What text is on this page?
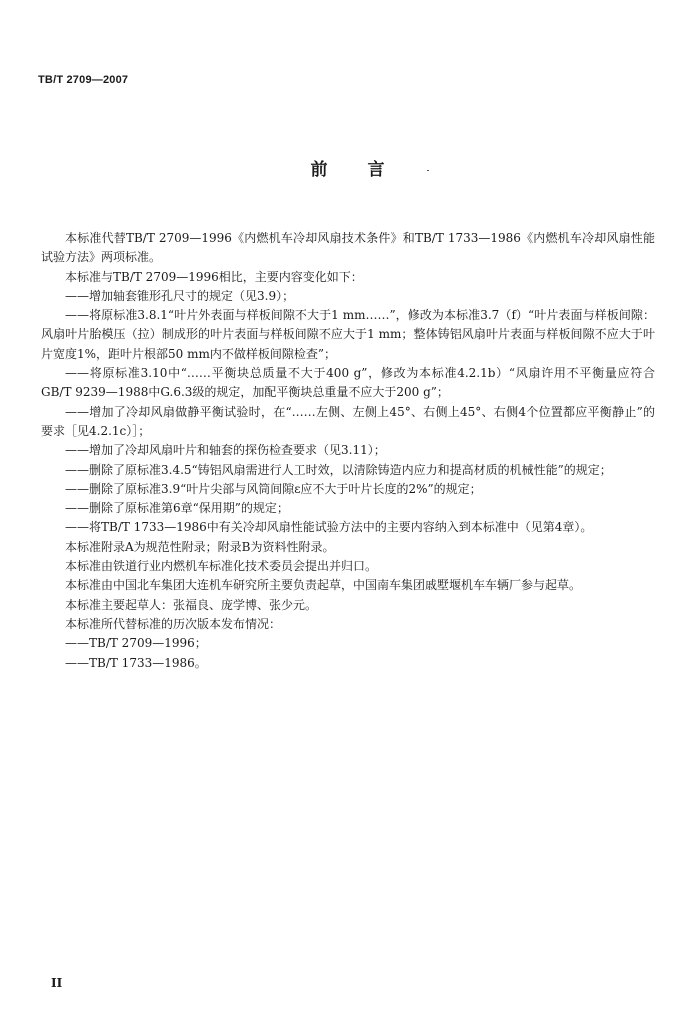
TB/T 2709—2007
前言

本标准代替TB/T 2709—1996《内燃机车冷却风扇技术条件》和TB/T 1733—1986《内燃机车冷却风扇性能试验方法》两项标准。

本标准与TB/T 2709—1996相比，主要内容变化如下：

——增加轴套锥形孔尺寸的规定（见3.9）；

——将原标准3.8.1“叶片外表面与样板间隙不大于1 mm……”，修改为本标准3.7（f）“叶片表面与样板间隙：风扇叶片胎模压（拉）制成形的叶片表面与样板间隙不应大于1 mm；整体铸铝风扇叶片表面与样板间隙不应大于叶片宽度1%，距叶片根部50 mm内不做样板间隙检查”；

——将原标准3.10中“……平衡块总质量不大于400 g”，修改为本标准4.2.1b）“风扇许用不平衡量应符合GB/T 9239—1988中G.6.3级的规定，加配平衡块总重量不应大于200 g”；

——增加了冷却风扇做静平衡试验时，在“……左侧、左侧上45°、右侧上45°、右侧4个位置都应平衡静止”的要求［见4.2.1c）］；

——增加了冷却风扇叶片和轴套的探伤检查要求（见3.11）；

——删除了原标准3.4.5“铸铝风扇需进行人工时效，以清除铸造内应力和提高材质的机械性能”的规定；

——删除了原标准3.9“叶片尖部与风筒间隙ε应不大于叶片长度的2%”的规定；

——删除了原标准第6章“保用期”的规定；

——将TB/T 1733—1986中有关冷却风扇性能试验方法中的主要内容纳入到本标准中（见第4章）。

本标准附录A为规范性附录；附录B为资料性附录。

本标准由铁道行业内燃机车标准化技术委员会提出并归口。

本标准由中国北车集团大连机车研究所主要负责起草，中国南车集团戚墅堰机车车辆厂参与起草。

本标准主要起草人：张福良、庞学博、张少元。

本标准所代替标准的历次版本发布情况：

——TB/T 2709—1996；

——TB/T 1733—1986。

II
